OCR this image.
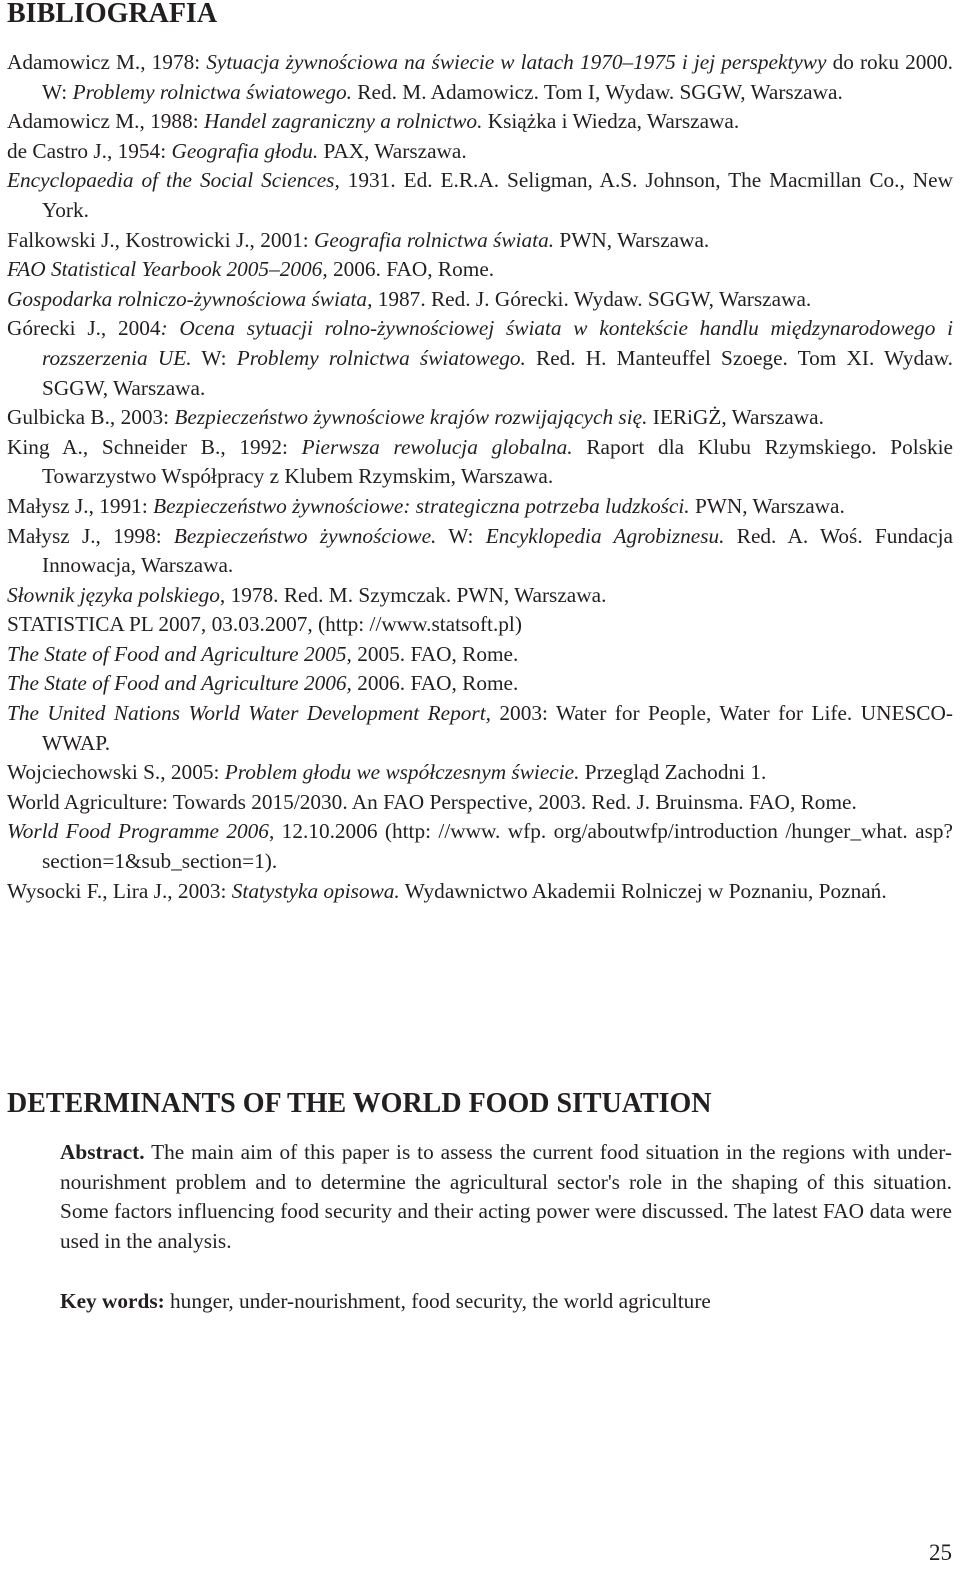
BIBLIOGRAFIA
Adamowicz M., 1978: Sytuacja żywnościowa na świecie w latach 1970–1975 i jej perspektywy do roku 2000. W: Problemy rolnictwa światowego. Red. M. Adamowicz. Tom I, Wydaw. SGGW, Warszawa.
Adamowicz M., 1988: Handel zagraniczny a rolnictwo. Książka i Wiedza, Warszawa.
de Castro J., 1954: Geografia głodu. PAX, Warszawa.
Encyclopaedia of the Social Sciences, 1931. Ed. E.R.A. Seligman, A.S. Johnson, The Macmillan Co., New York.
Falkowski J., Kostrowicki J., 2001: Geografia rolnictwa świata. PWN, Warszawa.
FAO Statistical Yearbook 2005–2006, 2006. FAO, Rome.
Gospodarka rolniczo-żywnościowa świata, 1987. Red. J. Górecki. Wydaw. SGGW, Warszawa.
Górecki J., 2004: Ocena sytuacji rolno-żywnościowej świata w kontekście handlu międzynarodowego i rozszerzenia UE. W: Problemy rolnictwa światowego. Red. H. Manteuffel Szoege. Tom XI. Wydaw. SGGW, Warszawa.
Gulbicka B., 2003: Bezpieczeństwo żywnościowe krajów rozwijających się. IERiGŻ, Warszawa.
King A., Schneider B., 1992: Pierwsza rewolucja globalna. Raport dla Klubu Rzymskiego. Polskie Towarzystwo Współpracy z Klubem Rzymskim, Warszawa.
Małysz J., 1991: Bezpieczeństwo żywnościowe: strategiczna potrzeba ludzkości. PWN, Warszawa.
Małysz J., 1998: Bezpieczeństwo żywnościowe. W: Encyklopedia Agrobiznesu. Red. A. Woś. Fundacja Innowacja, Warszawa.
Słownik języka polskiego, 1978. Red. M. Szymczak. PWN, Warszawa.
STATISTICA PL 2007, 03.03.2007, (http: //www.statsoft.pl)
The State of Food and Agriculture 2005, 2005. FAO, Rome.
The State of Food and Agriculture 2006, 2006. FAO, Rome.
The United Nations World Water Development Report, 2003: Water for People, Water for Life. UNESCO-WWAP.
Wojciechowski S., 2005: Problem głodu we współczesnym świecie. Przegląd Zachodni 1.
World Agriculture: Towards 2015/2030. An FAO Perspective, 2003. Red. J. Bruinsma. FAO, Rome.
World Food Programme 2006, 12.10.2006 (http: //www. wfp. org/aboutwfp/introduction /hunger_what. asp? section=1&sub_section=1).
Wysocki F., Lira J., 2003: Statystyka opisowa. Wydawnictwo Akademii Rolniczej w Poznaniu, Poznań.
DETERMINANTS OF THE WORLD FOOD SITUATION

Abstract. The main aim of this paper is to assess the current food situation in the regions with under-nourishment problem and to determine the agricultural sector's role in the shaping of this situation. Some factors influencing food security and their acting power were discussed. The latest FAO data were used in the analysis.

Key words: hunger, under-nourishment, food security, the world agriculture

25
